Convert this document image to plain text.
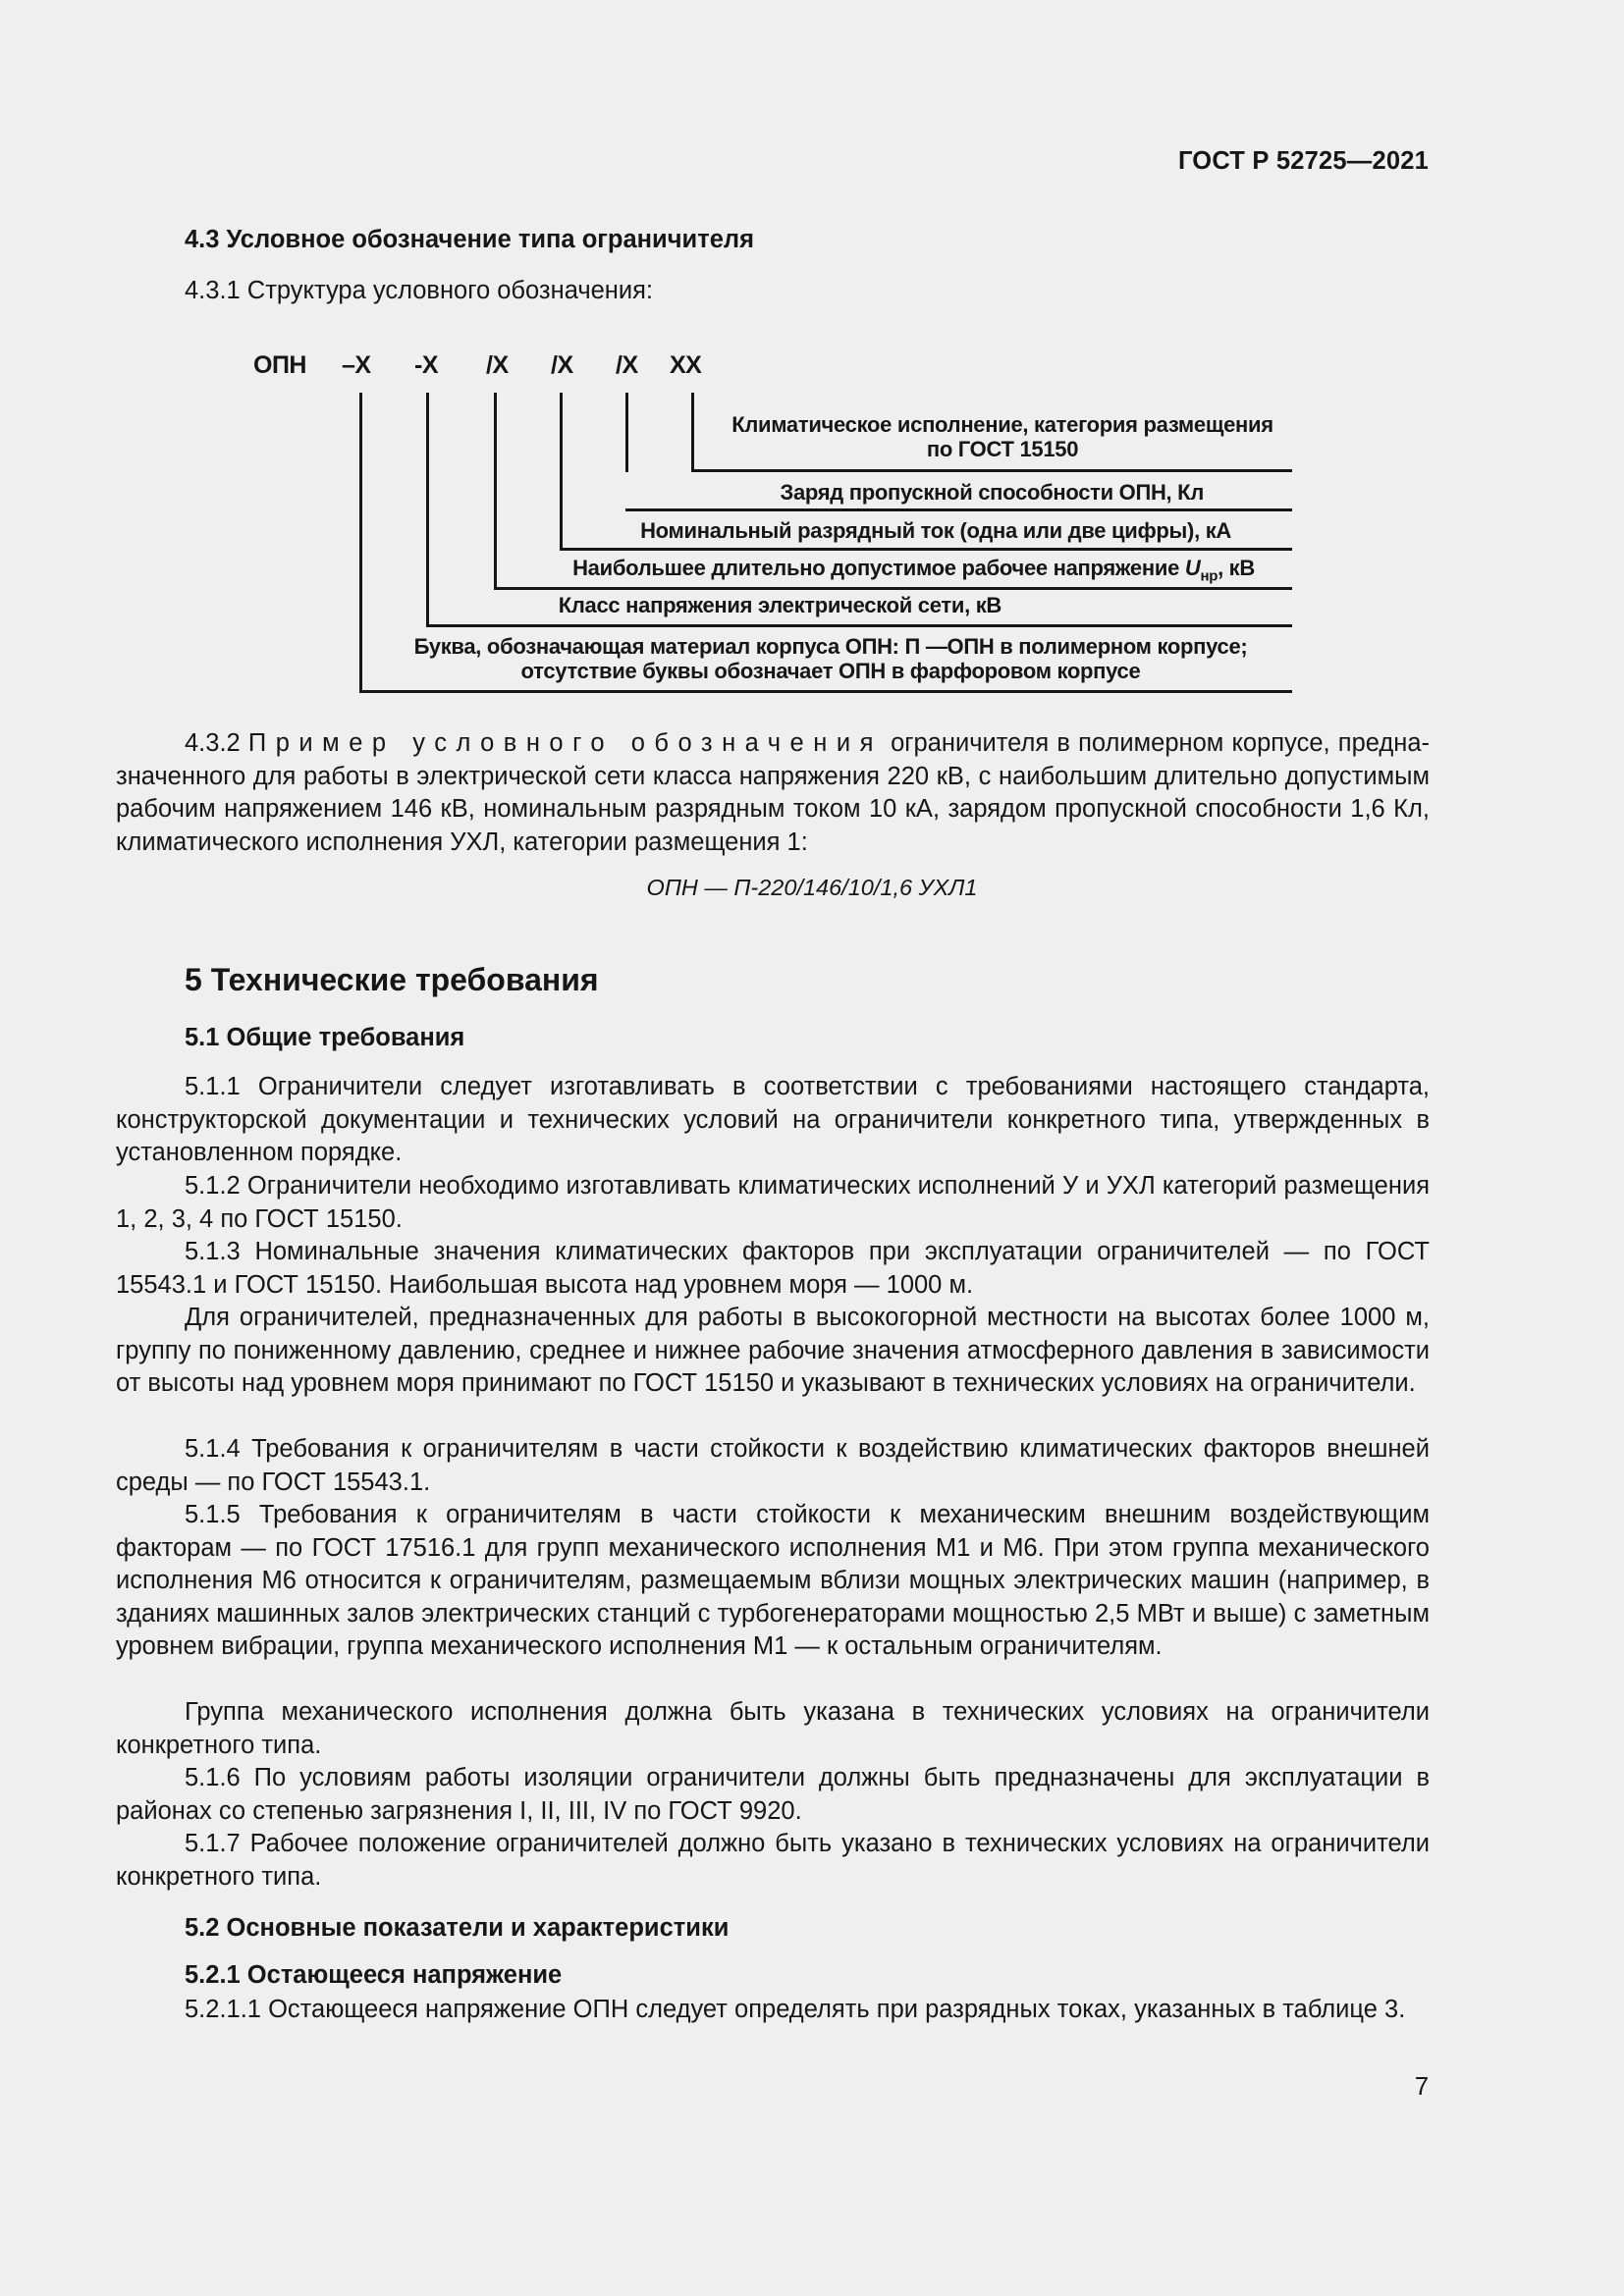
ГОСТ Р 52725—2021
4.3 Условное обозначение типа ограничителя
4.3.1 Структура условного обозначения:
ОПН –X -X /X /X /X XX
Климатическое исполнение, категория размещения
по ГОСТ 15150
Заряд пропускной способности ОПН, Кл
Номинальный разрядный ток (одна или две цифры), кА
Наибольшее длительно допустимое рабочее напряжение $U_{нр}$, кВ
Класс напряжения электрической сети, кВ
Буква, обозначающая материал корпуса ОПН: П —ОПН в полимерном корпусе;
отсутствие буквы обозначает ОПН в фарфоровом корпусе
4.3.2 Пример условного обозначения ограничителя в полимерном корпусе, предназначенного для работы в электрической сети класса напряжения 220 кВ, с наибольшим длительно допустимым рабочим напряжением 146 кВ, номинальным разрядным током 10 кА, зарядом пропускной способности 1,6 Кл, климатического исполнения УХЛ, категории размещения 1:
ОПН — П-220/146/10/1,6 УХЛ1
5 Технические требования
5.1 Общие требования
5.1.1 Ограничители следует изготавливать в соответствии с требованиями настоящего стандарта, конструкторской документации и технических условий на ограничители конкретного типа, утвержденных в установленном порядке.
5.1.2 Ограничители необходимо изготавливать климатических исполнений У и УХЛ категорий размещения 1, 2, 3, 4 по ГОСТ 15150.
5.1.3 Номинальные значения климатических факторов при эксплуатации ограничителей — по ГОСТ 15543.1 и ГОСТ 15150. Наибольшая высота над уровнем моря — 1000 м.
Для ограничителей, предназначенных для работы в высокогорной местности на высотах более 1000 м, группу по пониженному давлению, среднее и нижнее рабочие значения атмосферного давления в зависимости от высоты над уровнем моря принимают по ГОСТ 15150 и указывают в технических условиях на ограничители.
5.1.4 Требования к ограничителям в части стойкости к воздействию климатических факторов внешней среды — по ГОСТ 15543.1.
5.1.5 Требования к ограничителям в части стойкости к механическим внешним воздействующим факторам — по ГОСТ 17516.1 для групп механического исполнения М1 и М6. При этом группа механического исполнения М6 относится к ограничителям, размещаемым вблизи мощных электрических машин (например, в зданиях машинных залов электрических станций с турбогенераторами мощностью 2,5 МВт и выше) с заметным уровнем вибрации, группа механического исполнения М1 — к остальным ограничителям.
Группа механического исполнения должна быть указана в технических условиях на ограничители конкретного типа.
5.1.6 По условиям работы изоляции ограничители должны быть предназначены для эксплуатации в районах со степенью загрязнения I, II, III, IV по ГОСТ 9920.
5.1.7 Рабочее положение ограничителей должно быть указано в технических условиях на ограничители конкретного типа.
5.2 Основные показатели и характеристики
5.2.1 Остающееся напряжение
5.2.1.1 Остающееся напряжение ОПН следует определять при разрядных токах, указанных в таблице 3.
7
